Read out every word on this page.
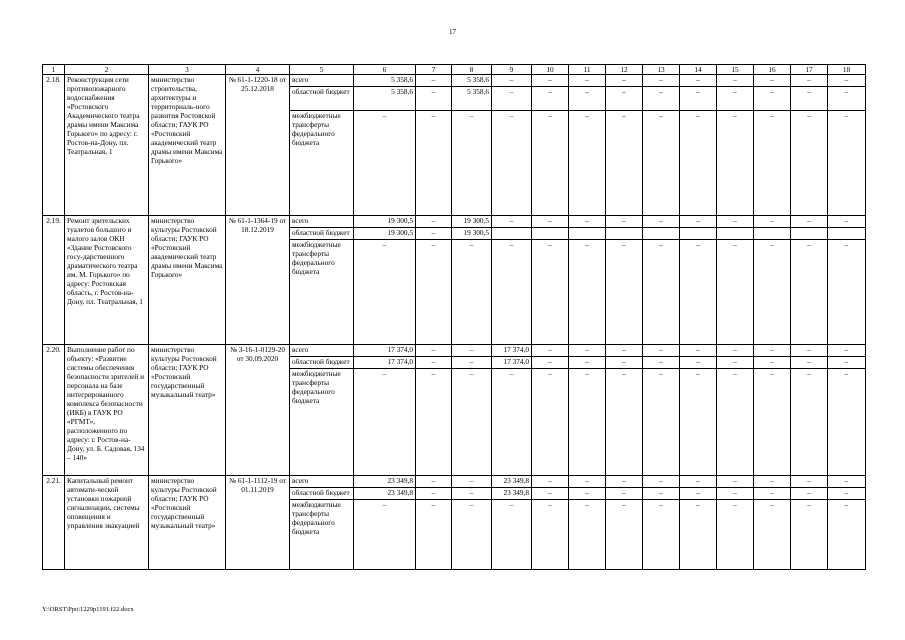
17
1	2	3	4	5	6	7	8	9	10	11	12	13	14	15	16	17	18
2.18.	Реконструкция сети противопожарного водоснабжения «Ростовского Академического театра драмы имени Максима Горького» по адресу: г. Ростов-на-Дону, пл. Театральная, 1	министерство строительства, архитектуры и территориаль-ного развития Ростовской области; ГАУК РО «Ростовский академический театр драмы имени Максима Горького»	№ 61-1-1220-18 от 25.12.2018	всего	5 358,6	–	5 358,6	–	–	–	–	–	–	–	–	–	–
				областной бюджет	5 358,6	–	5 358,6	–	–	–	–	–	–	–	–	–	–
				межбюджетные трансферты федерального бюджета	–	–	–	–	–	–	–	–	–	–	–	–	–
2.19.	Ремонт зрительских туалетов большого и малого залов ОКН «Здание Ростовского госу-дарственного драматического театра им. М. Горького» по адресу: Ростовская область, г. Ростов-на-Дону, пл. Театральная, 1	министерство культуры Ростовской области; ГАУК РО «Ростовский академический театр драмы имени Максима Горького»	№ 61-1-1364-19 от 18.12.2019	всего	19 300,5	–	19 300,5	–	–	–	–	–	–	–	–	–	–
				областной бюджет	19 300,5	–	19 300,5										
				межбюджетные трансферты федерального бюджета	–	–	–	–	–	–	–	–	–	–	–	–	–
2.20.	Выполнение работ по объекту: «Развитие системы обеспечения безопасности зрителей и персонала на базе интегрированного комплекса безопасности (ИКБ) в ГАУК РО «РГМТ», расположенного по адресу: г. Ростов-на-Дону, ул. Б. Садовая, 134 – 140»	министерство культуры Ростовской области; ГАУК РО «Ростовский государственный музыкальный театр»	№ 3-16-1-0129-20 от 30.09.2020	всего	17 374,0	–	–	17 374,0	–	–	–	–	–	–	–	–	–
				областной бюджет	17 374,0	–	–	17 374,0	–	–	–	–	–	–	–	–	–
				межбюджетные трансферты федерального бюджета	–	–	–	–	–	–	–	–	–	–	–	–	–
2.21.	Капитальный ремонт автомати-ческой установки пожарной сигнализации, системы оповещения и управления эвакуацией	министерство культуры Ростовской области; ГАУК РО «Ростовский государственный музыкальный театр»	№ 61-1-1112-19 от 01.11.2019	всего	23 349,8	–	–	23 349,8	–	–	–	–	–	–	–	–	–
				областной бюджет	23 349,8	–	–	23 349,8	–	–	–	–	–	–	–	–	–
				межбюджетные трансферты федерального бюджета	–	–	–	–	–	–	–	–	–	–	–	–	–
Y:\ORST\Ppo\1229p1191.f22.docx
